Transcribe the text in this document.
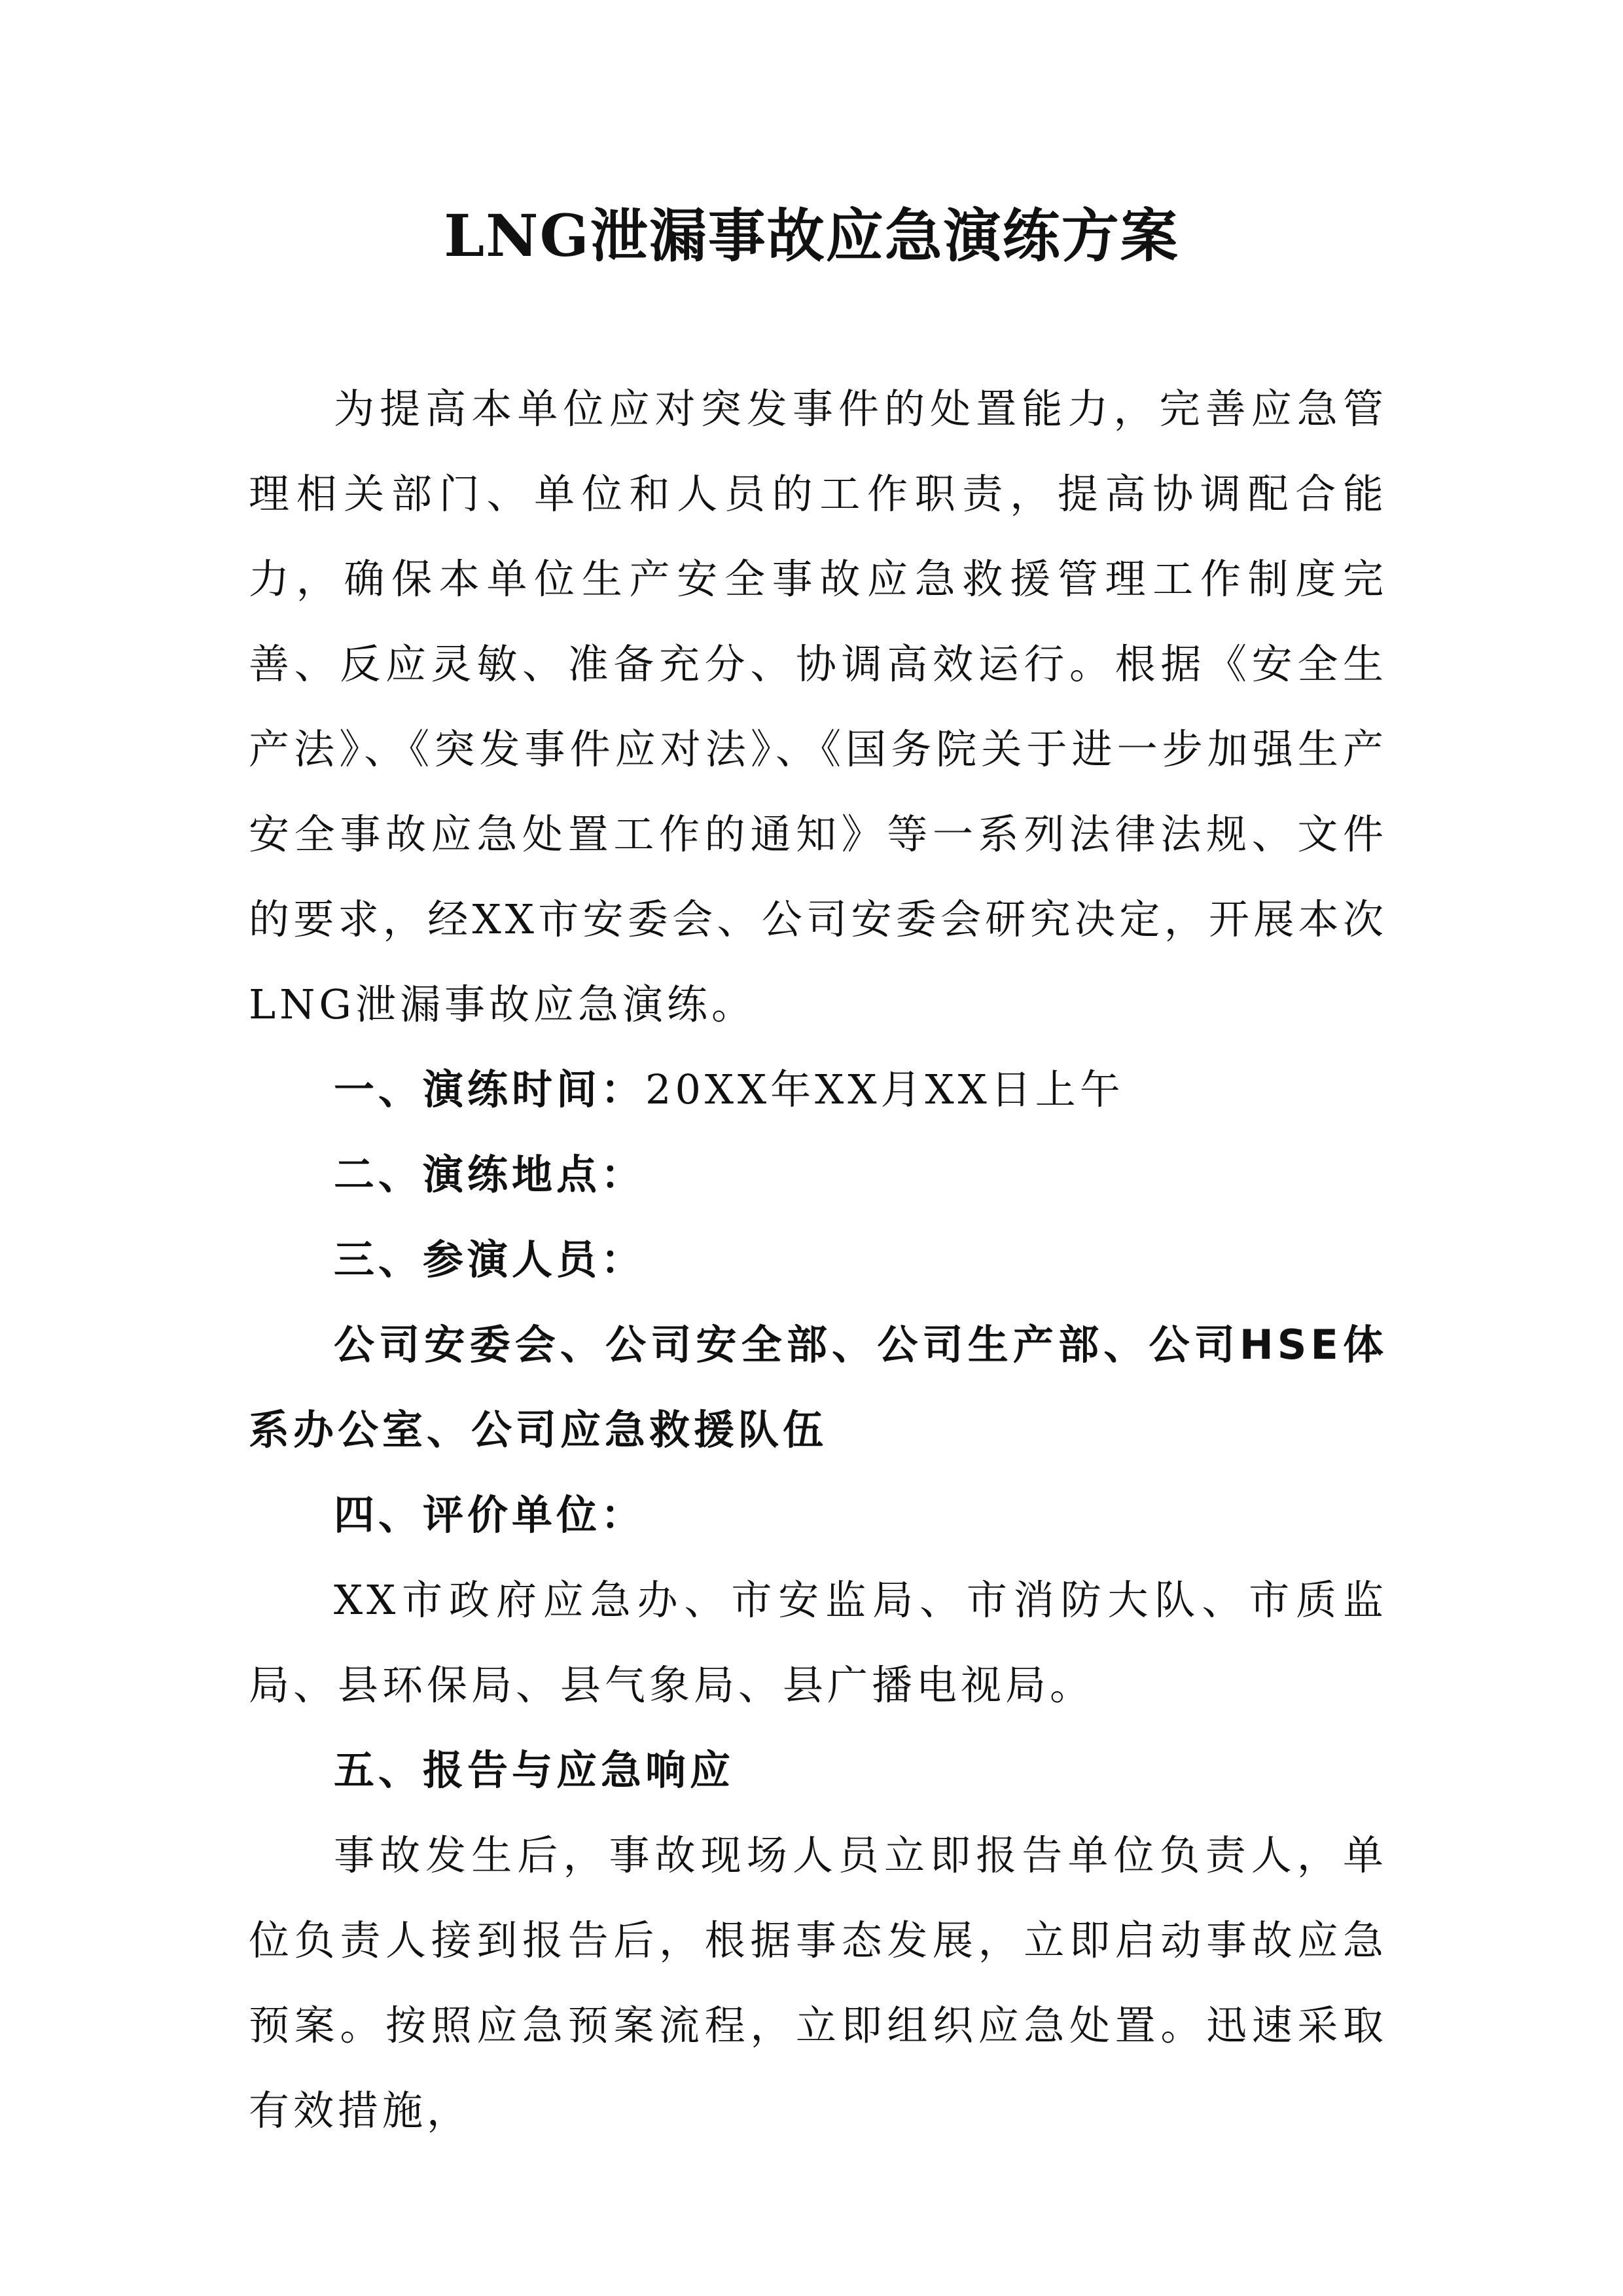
LNG泄漏事故应急演练方案

为提高本单位应对突发事件的处置能力，完善应急管理相关部门、单位和人员的工作职责，提高协调配合能力，确保本单位生产安全事故应急救援管理工作制度完善、反应灵敏、准备充分、协调高效运行。根据《安全生产法》、《突发事件应对法》、《国务院关于进一步加强生产安全事故应急处置工作的通知》等一系列法律法规、文件的要求，经XX市安委会、公司安委会研究决定，开展本次LNG泄漏事故应急演练。

一、演练时间：20XX年XX月XX日上午

二、演练地点：

三、参演人员：

公司安委会、公司安全部、公司生产部、公司HSE体系办公室、公司应急救援队伍

四、评价单位：

XX市政府应急办、市安监局、市消防大队、市质监局、县环保局、县气象局、县广播电视局。

五、报告与应急响应

事故发生后，事故现场人员立即报告单位负责人，单位负责人接到报告后，根据事态发展，立即启动事故应急预案。按照应急预案流程，立即组织应急处置。迅速采取有效措施，
